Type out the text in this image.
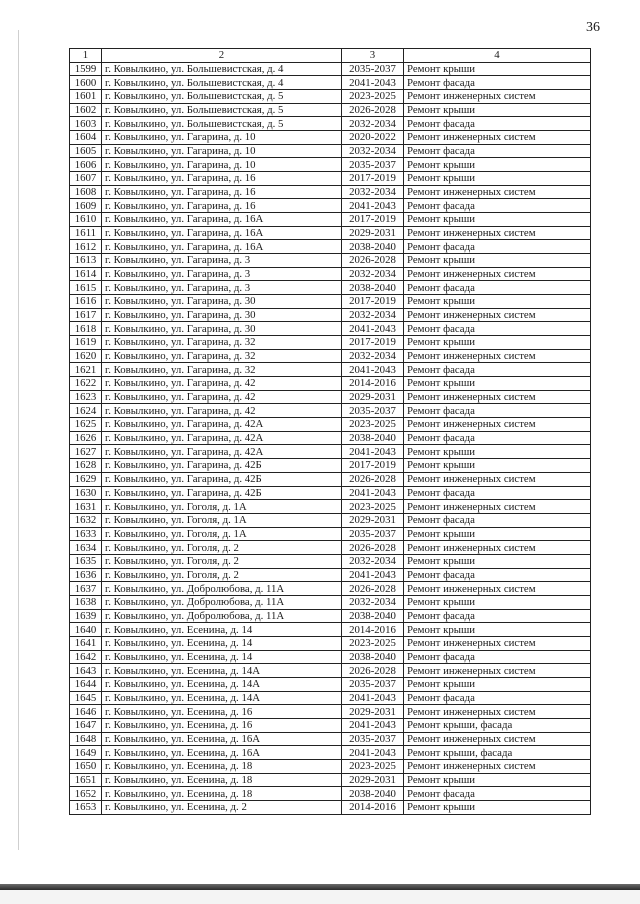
36
1	2	3	4
1599	г. Ковылкино, ул. Большевистская, д. 4	2035-2037	Ремонт крыши
1600	г. Ковылкино, ул. Большевистская, д. 4	2041-2043	Ремонт фасада
1601	г. Ковылкино, ул. Большевистская, д. 5	2023-2025	Ремонт инженерных систем
1602	г. Ковылкино, ул. Большевистская, д. 5	2026-2028	Ремонт крыши
1603	г. Ковылкино, ул. Большевистская, д. 5	2032-2034	Ремонт фасада
1604	г. Ковылкино, ул. Гагарина, д. 10	2020-2022	Ремонт инженерных систем
1605	г. Ковылкино, ул. Гагарина, д. 10	2032-2034	Ремонт фасада
1606	г. Ковылкино, ул. Гагарина, д. 10	2035-2037	Ремонт крыши
1607	г. Ковылкино, ул. Гагарина, д. 16	2017-2019	Ремонт крыши
1608	г. Ковылкино, ул. Гагарина, д. 16	2032-2034	Ремонт инженерных систем
1609	г. Ковылкино, ул. Гагарина, д. 16	2041-2043	Ремонт фасада
1610	г. Ковылкино, ул. Гагарина, д. 16А	2017-2019	Ремонт крыши
1611	г. Ковылкино, ул. Гагарина, д. 16А	2029-2031	Ремонт инженерных систем
1612	г. Ковылкино, ул. Гагарина, д. 16А	2038-2040	Ремонт фасада
1613	г. Ковылкино, ул. Гагарина, д. 3	2026-2028	Ремонт крыши
1614	г. Ковылкино, ул. Гагарина, д. 3	2032-2034	Ремонт инженерных систем
1615	г. Ковылкино, ул. Гагарина, д. 3	2038-2040	Ремонт фасада
1616	г. Ковылкино, ул. Гагарина, д. 30	2017-2019	Ремонт крыши
1617	г. Ковылкино, ул. Гагарина, д. 30	2032-2034	Ремонт инженерных систем
1618	г. Ковылкино, ул. Гагарина, д. 30	2041-2043	Ремонт фасада
1619	г. Ковылкино, ул. Гагарина, д. 32	2017-2019	Ремонт крыши
1620	г. Ковылкино, ул. Гагарина, д. 32	2032-2034	Ремонт инженерных систем
1621	г. Ковылкино, ул. Гагарина, д. 32	2041-2043	Ремонт фасада
1622	г. Ковылкино, ул. Гагарина, д. 42	2014-2016	Ремонт крыши
1623	г. Ковылкино, ул. Гагарина, д. 42	2029-2031	Ремонт инженерных систем
1624	г. Ковылкино, ул. Гагарина, д. 42	2035-2037	Ремонт фасада
1625	г. Ковылкино, ул. Гагарина, д. 42А	2023-2025	Ремонт инженерных систем
1626	г. Ковылкино, ул. Гагарина, д. 42А	2038-2040	Ремонт фасада
1627	г. Ковылкино, ул. Гагарина, д. 42А	2041-2043	Ремонт крыши
1628	г. Ковылкино, ул. Гагарина, д. 42Б	2017-2019	Ремонт крыши
1629	г. Ковылкино, ул. Гагарина, д. 42Б	2026-2028	Ремонт инженерных систем
1630	г. Ковылкино, ул. Гагарина, д. 42Б	2041-2043	Ремонт фасада
1631	г. Ковылкино, ул. Гоголя, д. 1А	2023-2025	Ремонт инженерных систем
1632	г. Ковылкино, ул. Гоголя, д. 1А	2029-2031	Ремонт фасада
1633	г. Ковылкино, ул. Гоголя, д. 1А	2035-2037	Ремонт крыши
1634	г. Ковылкино, ул. Гоголя, д. 2	2026-2028	Ремонт инженерных систем
1635	г. Ковылкино, ул. Гоголя, д. 2	2032-2034	Ремонт крыши
1636	г. Ковылкино, ул. Гоголя, д. 2	2041-2043	Ремонт фасада
1637	г. Ковылкино, ул. Добролюбова, д. 11А	2026-2028	Ремонт инженерных систем
1638	г. Ковылкино, ул. Добролюбова, д. 11А	2032-2034	Ремонт крыши
1639	г. Ковылкино, ул. Добролюбова, д. 11А	2038-2040	Ремонт фасада
1640	г. Ковылкино, ул. Есенина, д. 14	2014-2016	Ремонт крыши
1641	г. Ковылкино, ул. Есенина, д. 14	2023-2025	Ремонт инженерных систем
1642	г. Ковылкино, ул. Есенина, д. 14	2038-2040	Ремонт фасада
1643	г. Ковылкино, ул. Есенина, д. 14А	2026-2028	Ремонт инженерных систем
1644	г. Ковылкино, ул. Есенина, д. 14А	2035-2037	Ремонт крыши
1645	г. Ковылкино, ул. Есенина, д. 14А	2041-2043	Ремонт фасада
1646	г. Ковылкино, ул. Есенина, д. 16	2029-2031	Ремонт инженерных систем
1647	г. Ковылкино, ул. Есенина, д. 16	2041-2043	Ремонт крыши, фасада
1648	г. Ковылкино, ул. Есенина, д. 16А	2035-2037	Ремонт инженерных систем
1649	г. Ковылкино, ул. Есенина, д. 16А	2041-2043	Ремонт крыши, фасада
1650	г. Ковылкино, ул. Есенина, д. 18	2023-2025	Ремонт инженерных систем
1651	г. Ковылкино, ул. Есенина, д. 18	2029-2031	Ремонт крыши
1652	г. Ковылкино, ул. Есенина, д. 18	2038-2040	Ремонт фасада
1653	г. Ковылкино, ул. Есенина, д. 2	2014-2016	Ремонт крыши
